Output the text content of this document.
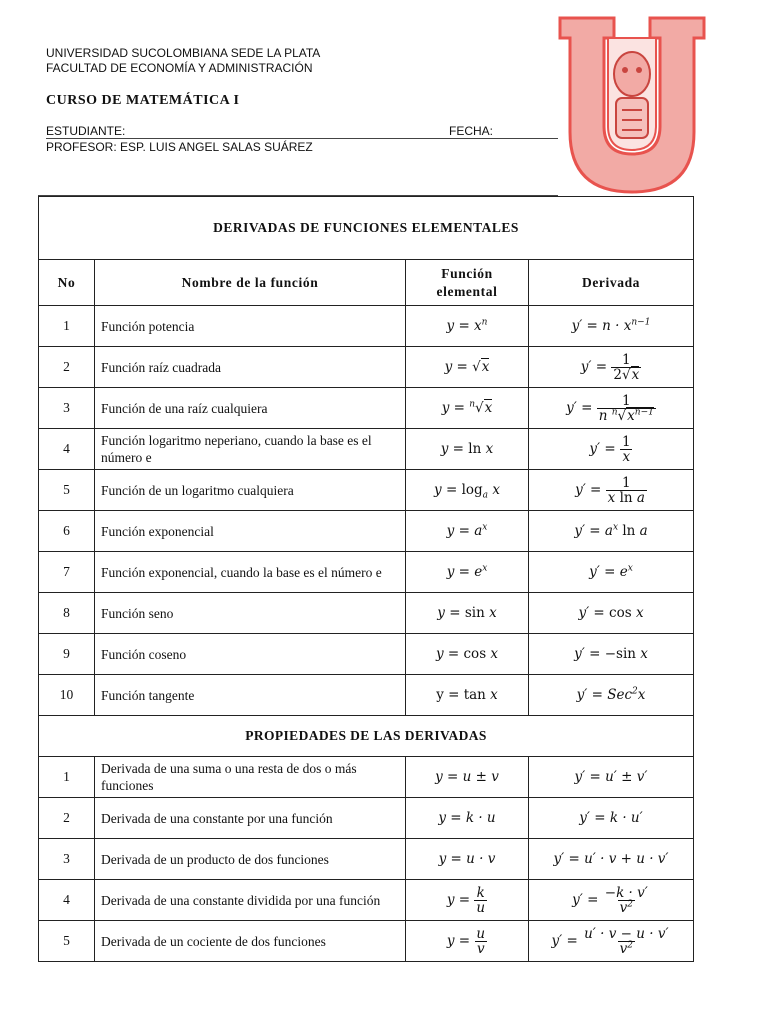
UNIVERSIDAD SUCOLOMBIANA SEDE LA PLATA
FACULTAD DE ECONOMÍA Y ADMINISTRACIÓN
CURSO DE MATEMÁTICA I
ESTUDIANTE:	FECHA:
PROFESOR: ESP. LUIS ANGEL SALAS SUÁREZ
DERIVADAS DE FUNCIONES ELEMENTALES			
No	Nombre de la función	Función elemental	Derivada
1	Función potencia	$y = x^n$	$y' = n \cdot x^{n-1}$
2	Función raíz cuadrada	y = √x	$y' = \frac{1}{2√x}$

3	Función de una raíz cualquiera	y = $^n$√x	$y' = \frac{1}{n ^n√x^{n-1}}$

4	Función logaritmo neperiano, cuando la base es el número e	y = ln x	$y' = \frac{1}{x}$

5	Función de un logaritmo cualquiera	$y = \log_a x$	$y' = \frac{1}{\text{x ln a}}$

6	Función exponencial	$y = a^x$	$y' = a^x$ ln a
7	Función exponencial, cuando la base es el número e	$y = e^x$	$y' = e^x$
8	Función seno	y = sin x	y′ = cos x
9	Función coseno	y = cos x	y′ = −sin x
10	Función tangente	y = tan x	y′ = Sec$^2$x
PROPIEDADES DE LAS DERIVADAS			
1	Derivada de una suma o una resta de dos o más funciones	y = u ± v	y′ = u′ ± v′
2	Derivada de una constante por una función	y = k · u	y′ = k · u′
3	Derivada de un producto de dos funciones	y = u · v	y′ = u′ · v + u · v′
4	Derivada de una constante dividida por una función	$y = \frac{k}{u}$	$y' = \frac{-k \cdot v'}{v^2}$

5	Derivada de un cociente de dos funciones	$y = \frac{u}{v}$	$y' = \frac{u' \cdot v - u \cdot v'}{v^2}$
